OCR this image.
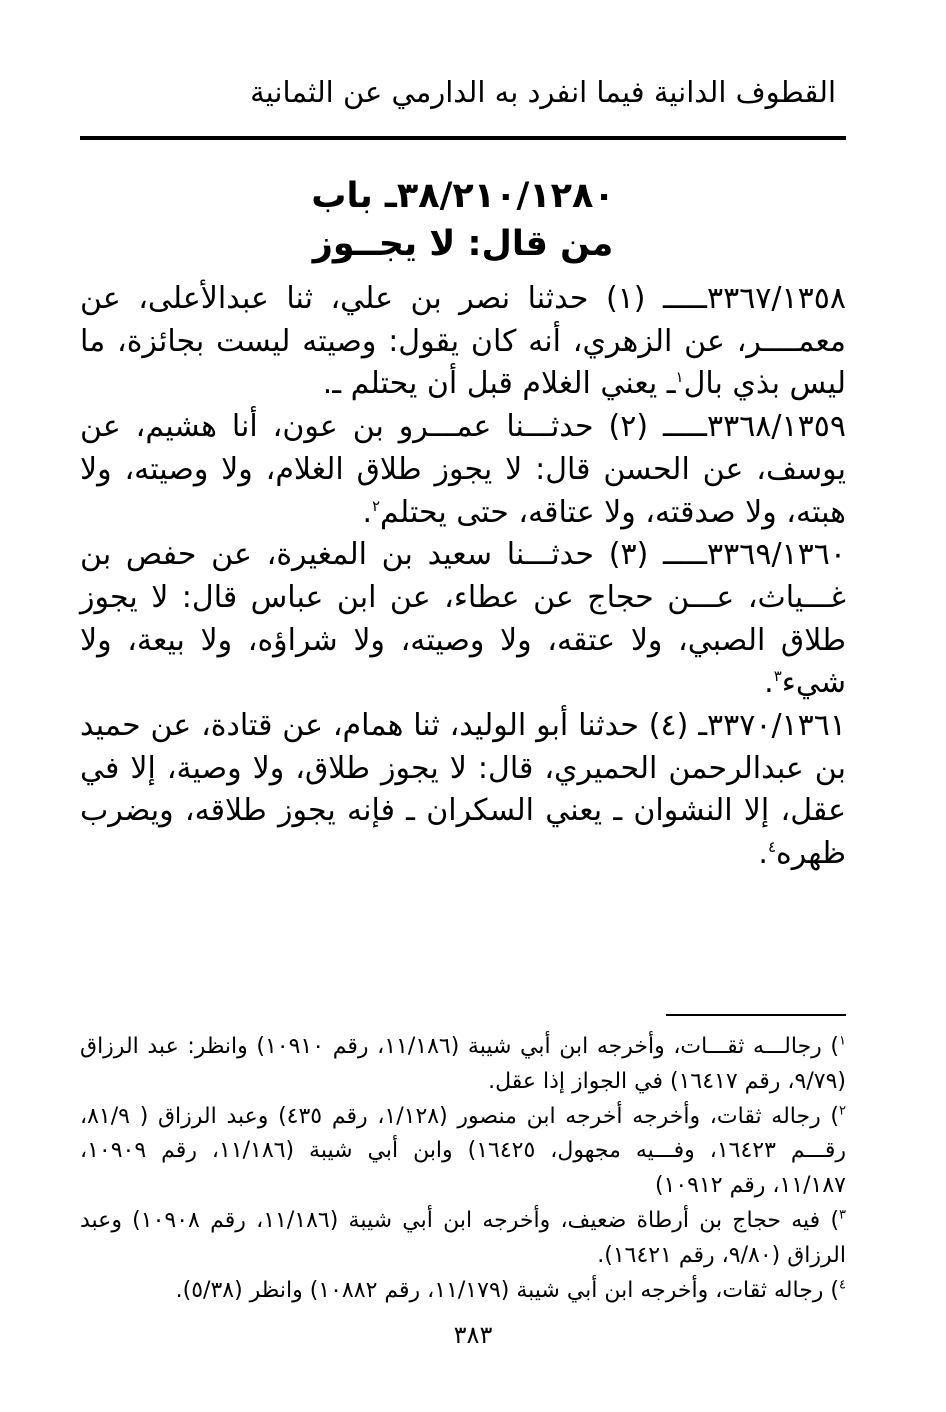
القطوف الدانية فيما انفرد به الدارمي عن الثمانية
٣٨/٢١٠/١٢٨٠ـ باب
من قال: لا يجــوز

٣٣٦٧/١٣٥٨ـــــ (١) حدثنا نصر بن علي، ثنا عبدالأعلى، عن معمــــر، عن الزهري، أنه كان يقول: وصيته ليست بجائزة، ما ليس بذي بال$^١$ـ يعني الغلام قبل أن يحتلم ـ.

٣٣٦٨/١٣٥٩ـــــ (٢) حدثـــنا عمـــرو بن عون، أنا هشيم، عن يوسف، عن الحسن قال: لا يجوز طلاق الغلام، ولا وصيته، ولا هبته، ولا صدقته، ولا عتاقه، حتى يحتلم$^٢$.

٣٣٦٩/١٣٦٠ـــــ (٣) حدثـــنا سعيد بن المغيرة، عن حفص بن غـــياث، عـــن حجاج عن عطاء، عن ابن عباس قال: لا يجوز طلاق الصبي، ولا عتقه، ولا وصيته، ولا شراؤه، ولا بيعة، ولا شيء$^٣$.

٣٣٧٠/١٣٦١ـ (٤) حدثنا أبو الوليد، ثنا همام، عن قتادة، عن حميد بن عبدالرحمن الحميري، قال: لا يجوز طلاق، ولا وصية، إلا في عقل، إلا النشوان ـ يعني السكران ـ فإنه يجوز طلاقه، ويضرب ظهره$^٤$.

$^١$) رجالـــه ثقـــات، وأخرجه ابن أبي شيبة (١١/١٨٦، رقم ١٠٩١٠) وانظر: عبد الرزاق (٩/٧٩، رقم ١٦٤١٧) في الجواز إذا عقل.

$^٢$) رجاله ثقات، وأخرجه أخرجه ابن منصور (١/١٢٨، رقم ٤٣٥) وعبد الرزاق ( ٨١/٩، رقـــم ١٦٤٢٣، وفـــيه مجهول، ١٦٤٢٥) وابن أبي شيبة (١١/١٨٦، رقم ١٠٩٠٩، ١١/١٨٧، رقم ١٠٩١٢)

$^٣$) فيه حجاج بن أرطاة ضعيف، وأخرجه ابن أبي شيبة (١١/١٨٦، رقم ١٠٩٠٨) وعبد الرزاق (٩/٨٠، رقم ١٦٤٢١).

$^٤$) رجاله ثقات، وأخرجه ابن أبي شيبة (١١/١٧٩، رقم ١٠٨٨٢) وانظر (٥/٣٨).

٣٨٣
